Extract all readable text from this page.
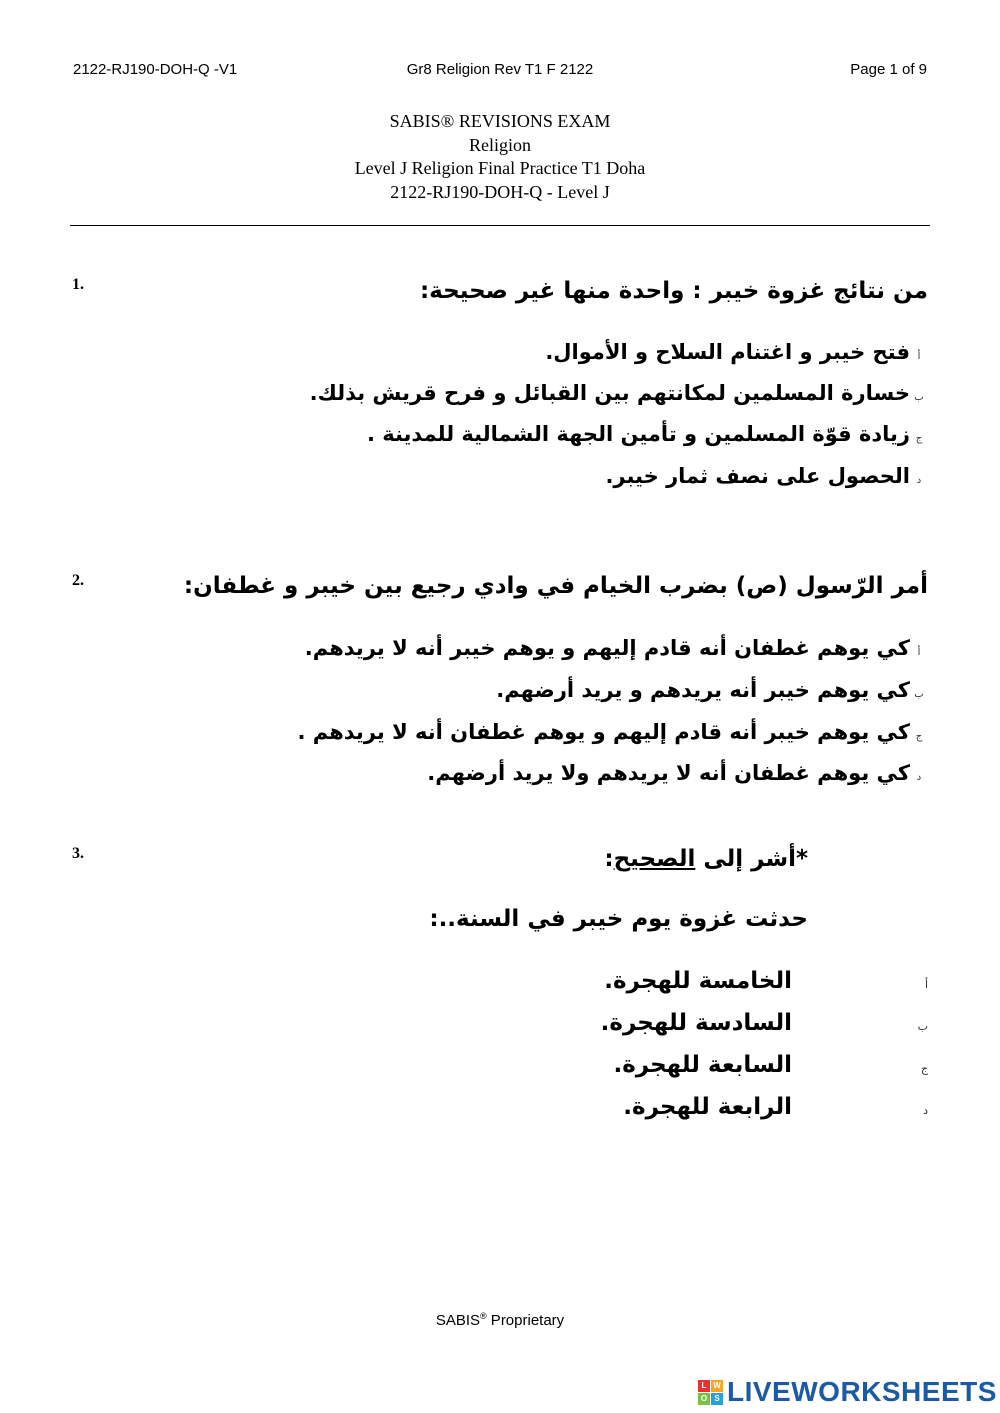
2122-RJ190-DOH-Q -V1	Gr8 Religion Rev T1 F 2122	Page 1 of 9
SABIS® REVISIONS EXAM
Religion
Level J Religion Final Practice T1 Doha
2122-RJ190-DOH-Q - Level J
1.	من نتائج غزوة خيبر : واحدة منها غير صحيحة:
أ
فتح خيبر و اغتنام السلاح و الأموال.
ب
خسارة المسلمين لمكانتهم بين القبائل و فرح قريش بذلك.
ج
زيادة قوّة المسلمين و تأمين الجهة الشمالية للمدينة .
د
الحصول على نصف ثمار خيبر.
2.	أمر الرّسول (ص) بضرب الخيام في وادي رجيع بين خيبر و غطفان:
أ
كي يوهم غطفان أنه قادم إليهم و يوهم خيبر أنه لا يريدهم.
ب
كي يوهم خيبر أنه يريدهم و يريد أرضهم.
ج
كي يوهم خيبر أنه قادم إليهم و يوهم غطفان أنه لا يريدهم .
د
كي يوهم غطفان أنه لا يريدهم ولا يريد أرضهم.
3.	*أشر إلى الصحيح:
حدثت غزوة يوم خيبر في السنة..:
أ
الخامسة للهجرة.
ب
السادسة للهجرة.
ج
السابعة للهجرة.
د
الرابعة للهجرة.
SABIS® Proprietary
L W
O S LIVEWORKSHEETS
